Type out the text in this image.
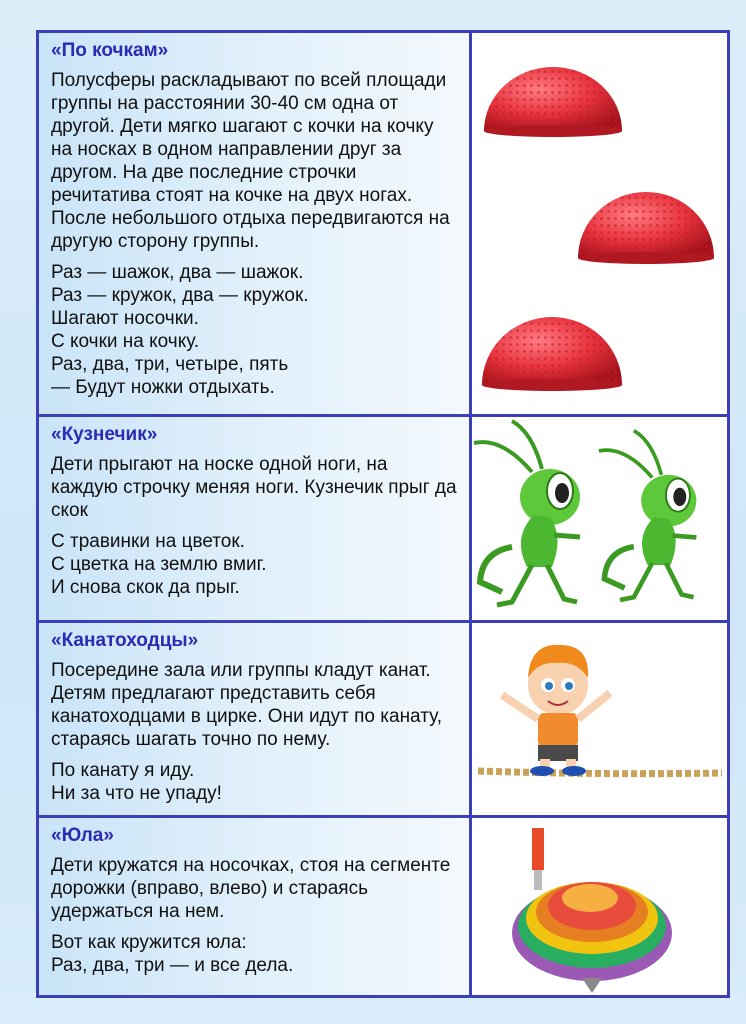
«По кочкам»

Полусферы раскладывают по всей площади группы на расстоянии 30-40 см одна от другой. Дети мягко шагают с кочки на кочку на носках в одном направлении друг за другом. На две последние строчки речитатива стоят на кочке на двух ногах. После небольшого отдыха передвигаются на другую сторону группы.

Раз — шажок, два — шажок.
Раз — кружок, два — кружок.
Шагают носочки.
С кочки на кочку.
Раз, два, три, четыре, пять
— Будут ножки отдыхать.
«Кузнечик»

Дети прыгают на носке одной ноги, на каждую строчку меняя ноги. Кузнечик прыг да скок

С травинки на цветок.
С цветка на землю вмиг.
И снова скок да прыг.
«Канатоходцы»

Посередине зала или группы кладут канат. Детям предлагают представить себя канатоходцами в цирке. Они идут по канату, стараясь шагать точно по нему.

По канату я иду.
Ни за что не упаду!
«Юла»

Дети кружатся на носочках, стоя на сегменте дорожки (вправо, влево) и стараясь удержаться на нем.

Вот как кружится юла:
Раз, два, три — и все дела.
